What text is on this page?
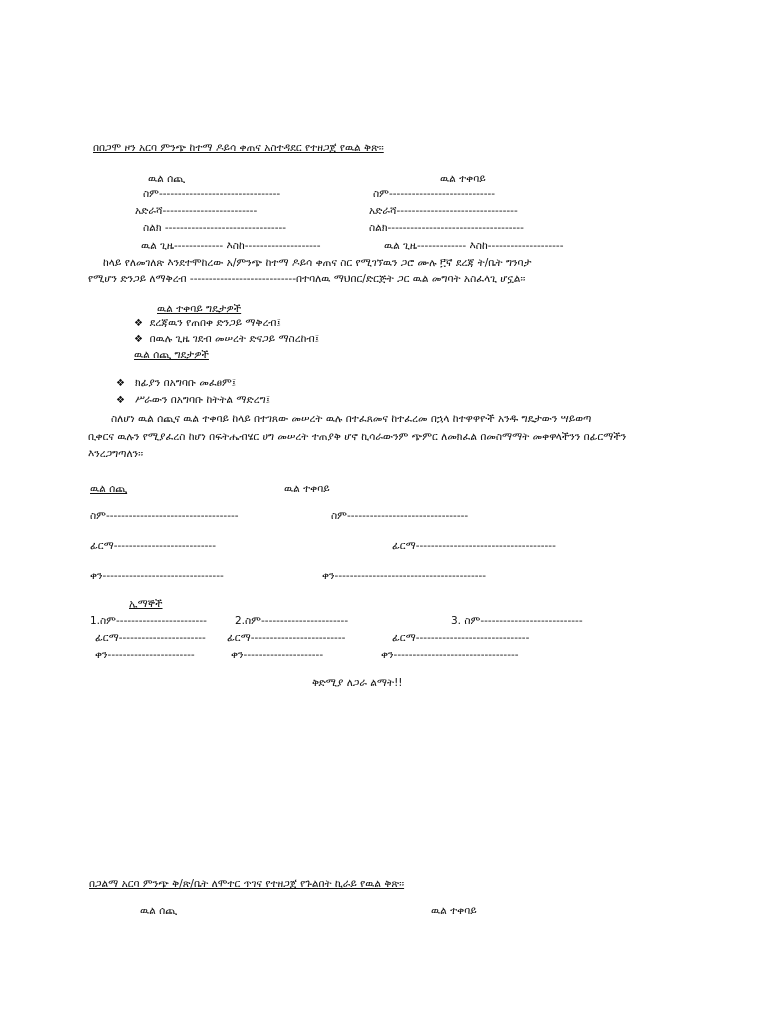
በበጋሞ ዞን አርባ ምንጭ ከተማ ዶይሳ ቀጠና አስተዳደር የተዘጋጀ የዉል ቅጽ፡፡
ዉል ሰጪ	ዉል ተቀባይ
ስም--------------------------------	ስም----------------------------
አድራሻ-------------------------	አድራሻ--------------------------------
ስልክ --------------------------------	ስልክ------------------------------------
ዉል ጊዜ------------- እስከ--------------------	ዉል ጊዜ------------- እስከ--------------------
ከላይ የለመገለጽ እንደተሞከረው አ/ምንጭ ከተማ ዶይሳ ቀጠና ስር የሚገኘዉን ጋሮ ሙሉ ፫ኛ ደረጃ ት/ቤት ግንባታ
የሚሆን ድንጋይ ለማቅረብ ----------------------------በተባለዉ ማህበር/ድርጅት ጋር ዉል መግባት አስፈላጊ ሆኗል፡፡
ዉል ተቀባይ ግዴታዎች
❖ ደረጃዉን የጠበቀ ድንጋይ ማቅረብ፤
❖ በዉሉ ጊዜ ገደብ መሠረት ድናጋይ ማስረከብ፤
ዉል ሰጪ ግደታዎች
❖ ክፊያን በአግባቡ መፈፀም፤
❖ ሥራውን በአግባቡ ከትትል ማድረግ፤
ስለሆነ ዉል ሰጪና ዉል ተቀባይ ከላይ በተገጸው መሠረት ዉሉ በተፈጸመና ከተፈረመ በኋላ ከተዋዋዮች አንዱ ግዴታውን ሣይወጣ
ቢቀርና ዉሉን የሚያፈረስ ከሆነ በፍትሔብሄር ሀግ መሠረት ተጠያቅ ሆኖ ኪሳራውንም ጭምር ለመክፈል በመስማማት መቀዋላችንን በፊርማችን
እንረጋግጣለን፡፡
ዉል ሰጪ	ዉል ተቀባይ
ስም-----------------------------------	ስም--------------------------------
ፊርማ---------------------------	ፊርማ-------------------------------------
ቀን--------------------------------	ቀን----------------------------------------
ኢማኞች
1.ስም------------------------	2.ስም-----------------------	3. ስም---------------------------
ፊርማ----------------------- ፊርማ-------------------------	ፊርማ------------------------------
ቀን-----------------------	ቀን---------------------	ቀን---------------------------------
ቅድሚያ ለጋራ ልማት!!
በጋልማ አርባ ምንጭ ቅ/ጽ/ቤት ለሞተር ጥገና የተዘጋጀ የጉልበት ኪራይ የዉል ቅጽ፡፡
ዉል ሰጪ	ዉል ተቀባይ
